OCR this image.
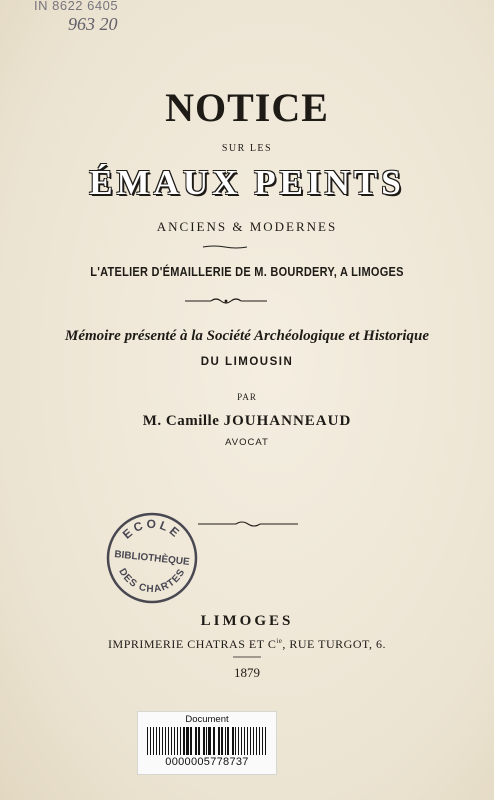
IN 8622 6405
963 20
NOTICE
SUR LES
ÉMAUX PEINTS
ANCIENS & MODERNES
L'ATELIER D'ÉMAILLERIE DE M. BOURDERY, A LIMOGES
Mémoire présenté à la Société Archéologique et Historique
DU LIMOUSIN
PAR
M. Camille JOUHANNEAUD
AVOCAT
ECOLE
BIBLIOTHÈQUE
DES CHARTES
LIMOGES
IMPRIMERIE CHATRAS ET $C^{ie}$, RUE TURGOT, 6.
1879
Document
0000005778737
